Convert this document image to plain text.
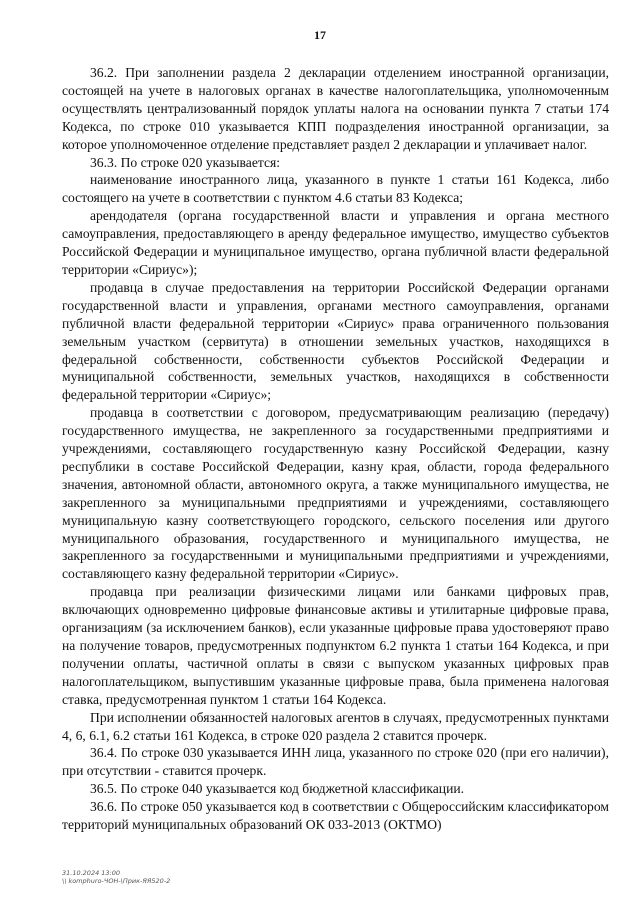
17

36.2. При заполнении раздела 2 декларации отделением иностранной организации, состоящей на учете в налоговых органах в качестве налогоплательщика, уполномоченным осуществлять централизованный порядок уплаты налога на основании пункта 7 статьи 174 Кодекса, по строке 010 указывается КПП подразделения иностранной организации, за которое уполномоченное отделение представляет раздел 2 декларации и уплачивает налог.

36.3. По строке 020 указывается:

наименование иностранного лица, указанного в пункте 1 статьи 161 Кодекса, либо состоящего на учете в соответствии с пунктом 4.6 статьи 83 Кодекса;

арендодателя (органа государственной власти и управления и органа местного самоуправления, предоставляющего в аренду федеральное имущество, имущество субъектов Российской Федерации и муниципальное имущество, органа публичной власти федеральной территории «Сириус»);

продавца в случае предоставления на территории Российской Федерации органами государственной власти и управления, органами местного самоуправления, органами публичной власти федеральной территории «Сириус» права ограниченного пользования земельным участком (сервитута) в отношении земельных участков, находящихся в федеральной собственности, собственности субъектов Российской Федерации и муниципальной собственности, земельных участков, находящихся в собственности федеральной территории «Сириус»;

продавца в соответствии с договором, предусматривающим реализацию (передачу) государственного имущества, не закрепленного за государственными предприятиями и учреждениями, составляющего государственную казну Российской Федерации, казну республики в составе Российской Федерации, казну края, области, города федерального значения, автономной области, автономного округа, а также муниципального имущества, не закрепленного за муниципальными предприятиями и учреждениями, составляющего муниципальную казну соответствующего городского, сельского поселения или другого муниципального образования, государственного и муниципального имущества, не закрепленного за государственными и муниципальными предприятиями и учреждениями, составляющего казну федеральной территории «Сириус».

продавца при реализации физическими лицами или банками цифровых прав, включающих одновременно цифровые финансовые активы и утилитарные цифровые права, организациям (за исключением банков), если указанные цифровые права удостоверяют право на получение товаров, предусмотренных подпунктом 6.2 пункта 1 статьи 164 Кодекса, и при получении оплаты, частичной оплаты в связи с выпуском указанных цифровых прав налогоплательщиком, выпустившим указанные цифровые права, была применена налоговая ставка, предусмотренная пунктом 1 статьи 164 Кодекса.

При исполнении обязанностей налоговых агентов в случаях, предусмотренных пунктами 4, 6, 6.1, 6.2 статьи 161 Кодекса, в строке 020 раздела 2 ставится прочерк.

36.4. По строке 030 указывается ИНН лица, указанного по строке 020 (при его наличии), при отсутствии - ставится прочерк.

36.5. По строке 040 указывается код бюджетной классификации.

36.6. По строке 050 указывается код в соответствии с Общероссийским классификатором территорий муниципальных образований ОК 033-2013 (ОКТМО)

31.10.2024 13:00
\\ komphuro-ЧОН-\Прик-ЯЯ520-2
